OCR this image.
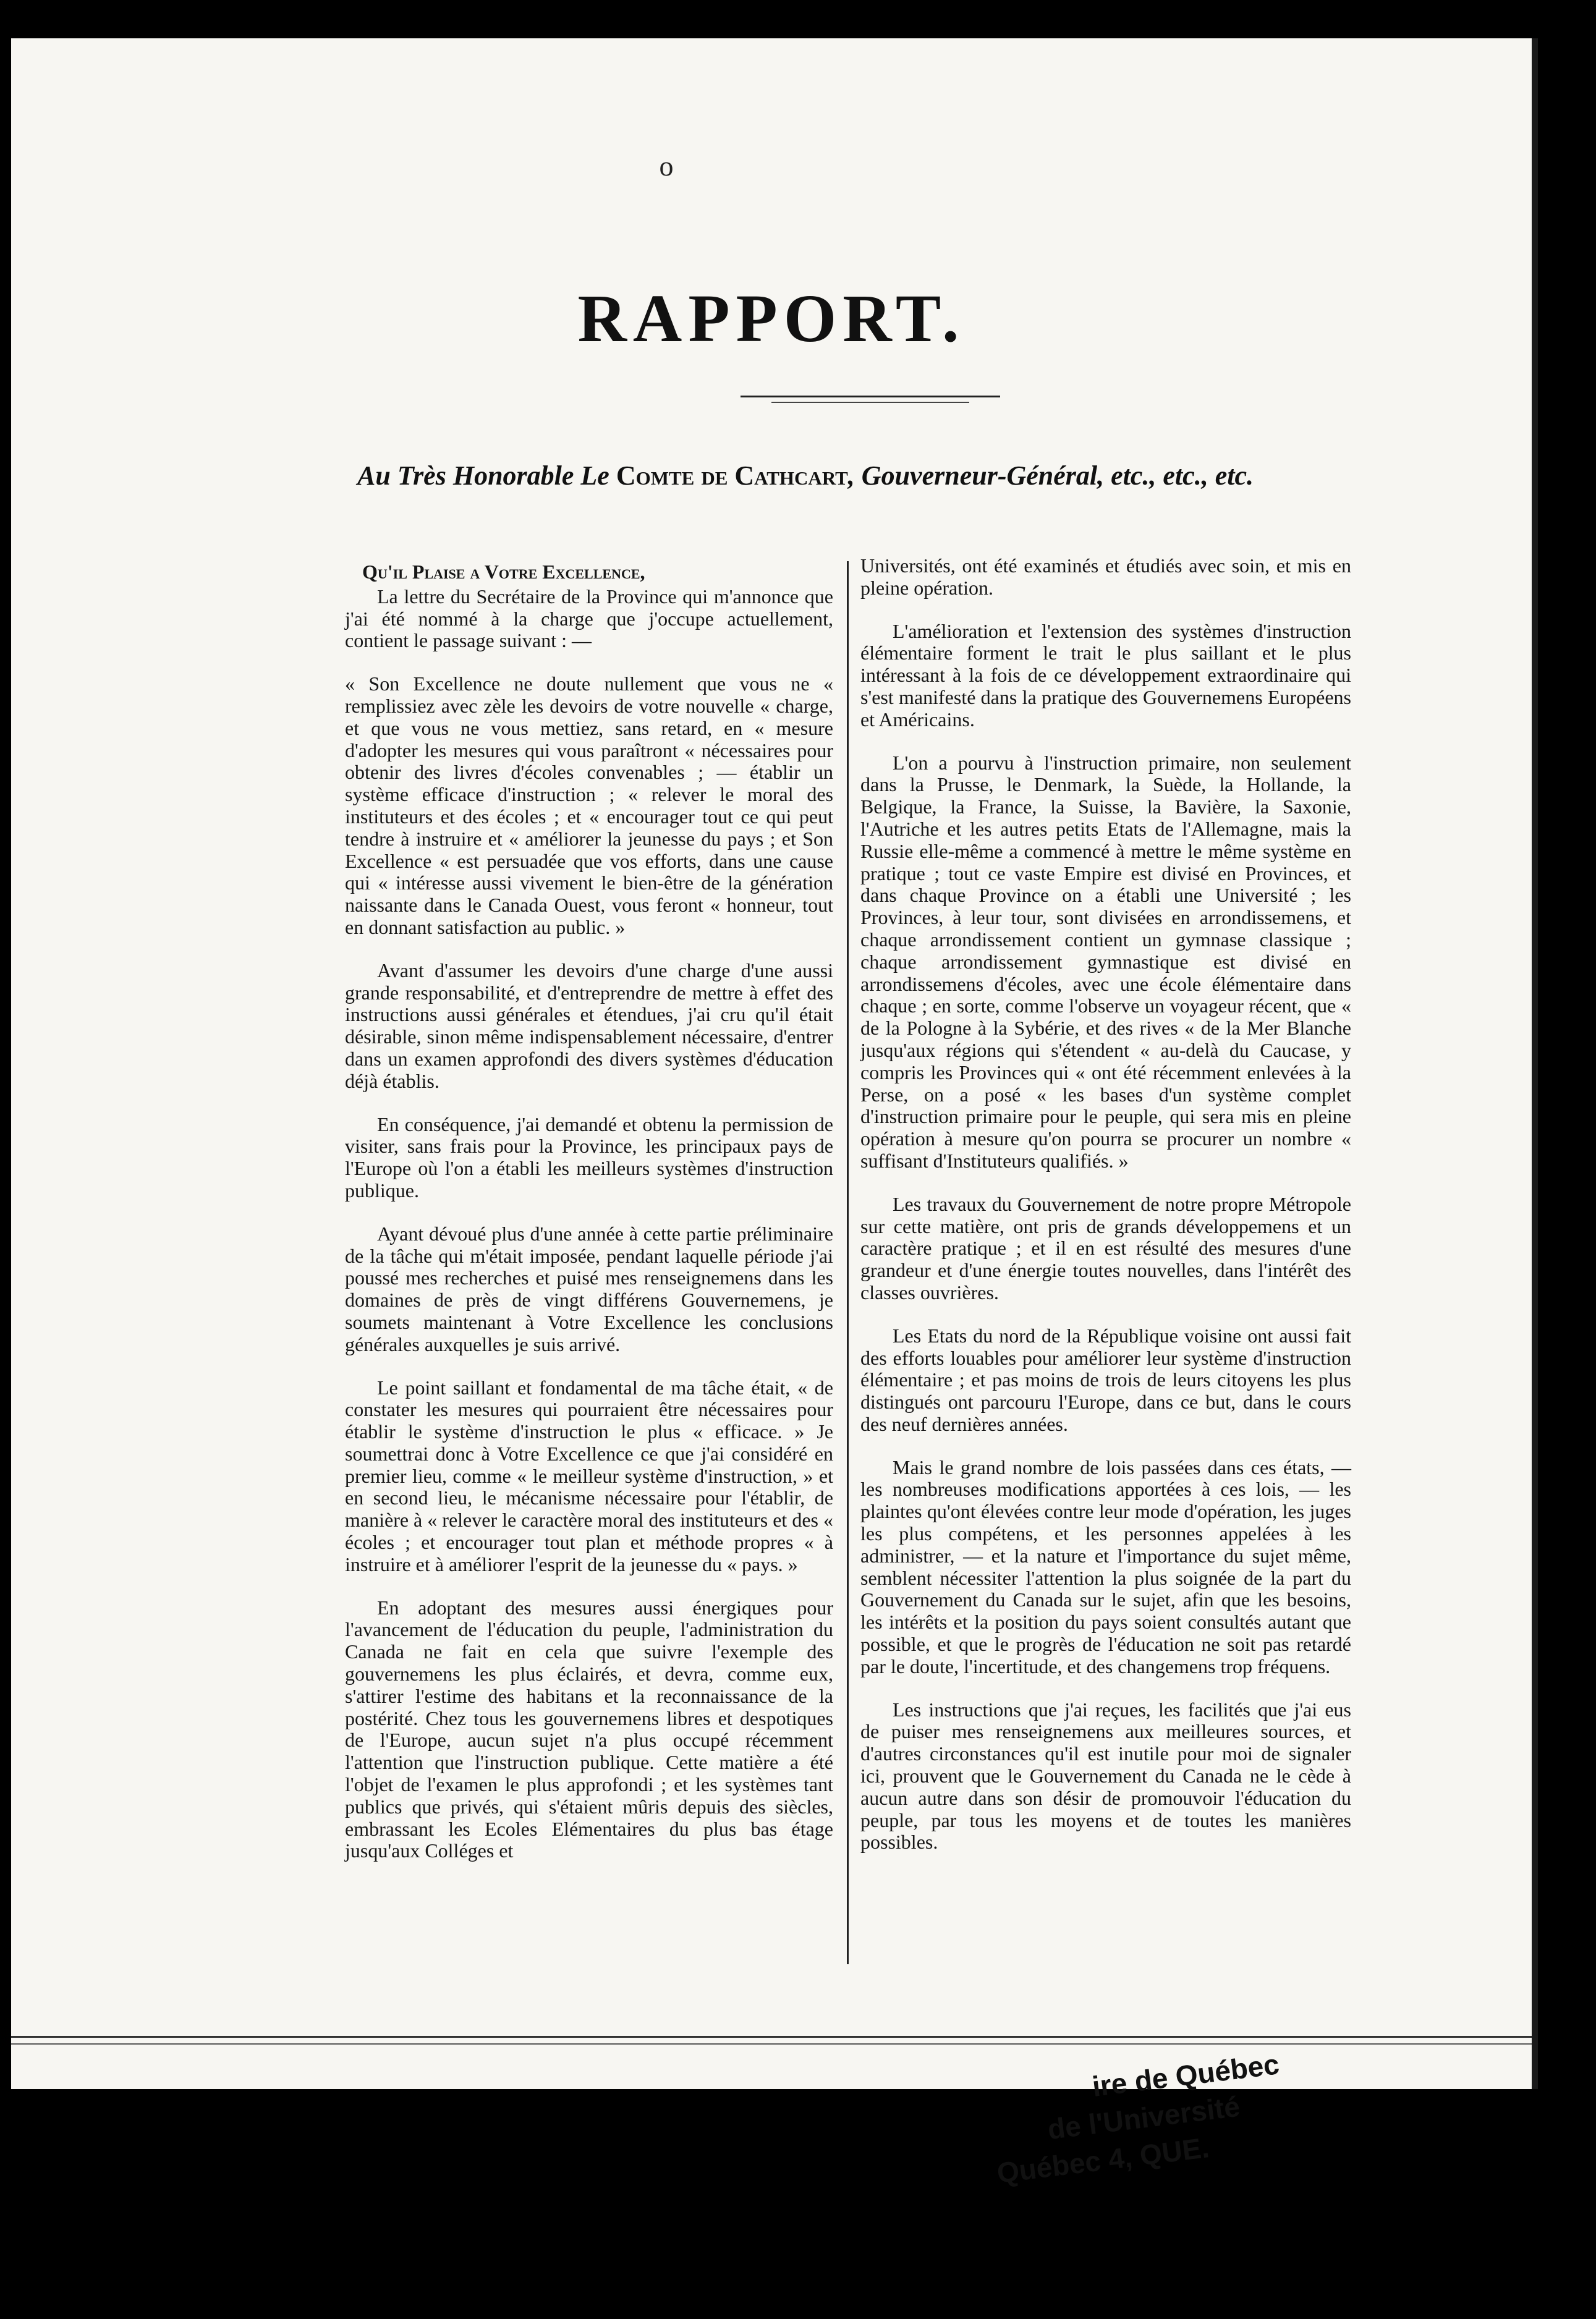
o
RAPPORT.
Au Très Honorable Le Comte de Cathcart, Gouverneur-Général, etc., etc., etc.

Qu'il Plaise a Votre Excellence,

La lettre du Secrétaire de la Province qui m'annonce que j'ai été nommé à la charge que j'occupe actuellement, contient le passage suivant : —

« Son Excellence ne doute nullement que vous ne « remplissiez avec zèle les devoirs de votre nouvelle « charge, et que vous ne vous mettiez, sans retard, en « mesure d'adopter les mesures qui vous paraîtront « nécessaires pour obtenir des livres d'écoles convenables ; — établir un système efficace d'instruction ; « relever le moral des instituteurs et des écoles ; et « encourager tout ce qui peut tendre à instruire et « améliorer la jeunesse du pays ; et Son Excellence « est persuadée que vos efforts, dans une cause qui « intéresse aussi vivement le bien-être de la génération naissante dans le Canada Ouest, vous feront « honneur, tout en donnant satisfaction au public. »

Avant d'assumer les devoirs d'une charge d'une aussi grande responsabilité, et d'entreprendre de mettre à effet des instructions aussi générales et étendues, j'ai cru qu'il était désirable, sinon même indispensablement nécessaire, d'entrer dans un examen approfondi des divers systèmes d'éducation déjà établis.

En conséquence, j'ai demandé et obtenu la permission de visiter, sans frais pour la Province, les principaux pays de l'Europe où l'on a établi les meilleurs systèmes d'instruction publique.

Ayant dévoué plus d'une année à cette partie préliminaire de la tâche qui m'était imposée, pendant laquelle période j'ai poussé mes recherches et puisé mes renseignemens dans les domaines de près de vingt différens Gouvernemens, je soumets maintenant à Votre Excellence les conclusions générales auxquelles je suis arrivé.

Le point saillant et fondamental de ma tâche était, « de constater les mesures qui pourraient être nécessaires pour établir le système d'instruction le plus « efficace. » Je soumettrai donc à Votre Excellence ce que j'ai considéré en premier lieu, comme « le meilleur système d'instruction, » et en second lieu, le mécanisme nécessaire pour l'établir, de manière à « relever le caractère moral des instituteurs et des « écoles ; et encourager tout plan et méthode propres « à instruire et à améliorer l'esprit de la jeunesse du « pays. »

En adoptant des mesures aussi énergiques pour l'avancement de l'éducation du peuple, l'administration du Canada ne fait en cela que suivre l'exemple des gouvernemens les plus éclairés, et devra, comme eux, s'attirer l'estime des habitans et la reconnaissance de la postérité. Chez tous les gouvernemens libres et despotiques de l'Europe, aucun sujet n'a plus occupé récemment l'attention que l'instruction publique. Cette matière a été l'objet de l'examen le plus approfondi ; et les systèmes tant publics que privés, qui s'étaient mûris depuis des siècles, embrassant les Ecoles Elémentaires du plus bas étage jusqu'aux Colléges et

Universités, ont été examinés et étudiés avec soin, et mis en pleine opération.

L'amélioration et l'extension des systèmes d'instruction élémentaire forment le trait le plus saillant et le plus intéressant à la fois de ce développement extraordinaire qui s'est manifesté dans la pratique des Gouvernemens Européens et Américains.

L'on a pourvu à l'instruction primaire, non seulement dans la Prusse, le Denmark, la Suède, la Hollande, la Belgique, la France, la Suisse, la Bavière, la Saxonie, l'Autriche et les autres petits Etats de l'Allemagne, mais la Russie elle-même a commencé à mettre le même système en pratique ; tout ce vaste Empire est divisé en Provinces, et dans chaque Province on a établi une Université ; les Provinces, à leur tour, sont divisées en arrondissemens, et chaque arrondissement contient un gymnase classique ; chaque arrondissement gymnastique est divisé en arrondissemens d'écoles, avec une école élémentaire dans chaque ; en sorte, comme l'observe un voyageur récent, que « de la Pologne à la Sybérie, et des rives « de la Mer Blanche jusqu'aux régions qui s'étendent « au-delà du Caucase, y compris les Provinces qui « ont été récemment enlevées à la Perse, on a posé « les bases d'un système complet d'instruction primaire pour le peuple, qui sera mis en pleine opération à mesure qu'on pourra se procurer un nombre « suffisant d'Instituteurs qualifiés. »

Les travaux du Gouvernement de notre propre Métropole sur cette matière, ont pris de grands développemens et un caractère pratique ; et il en est résulté des mesures d'une grandeur et d'une énergie toutes nouvelles, dans l'intérêt des classes ouvrières.

Les Etats du nord de la République voisine ont aussi fait des efforts louables pour améliorer leur système d'instruction élémentaire ; et pas moins de trois de leurs citoyens les plus distingués ont parcouru l'Europe, dans ce but, dans le cours des neuf dernières années.

Mais le grand nombre de lois passées dans ces états, — les nombreuses modifications apportées à ces lois, — les plaintes qu'ont élevées contre leur mode d'opération, les juges les plus compétens, et les personnes appelées à les administrer, — et la nature et l'importance du sujet même, semblent nécessiter l'attention la plus soignée de la part du Gouvernement du Canada sur le sujet, afin que les besoins, les intérêts et la position du pays soient consultés autant que possible, et que le progrès de l'éducation ne soit pas retardé par le doute, l'incertitude, et des changemens trop fréquens.

Les instructions que j'ai reçues, les facilités que j'ai eus de puiser mes renseignemens aux meilleures sources, et d'autres circonstances qu'il est inutile pour moi de signaler ici, prouvent que le Gouvernement du Canada ne le cède à aucun autre dans son désir de promouvoir l'éducation du peuple, par tous les moyens et de toutes les manières possibles.

ire de Québec
de l'Université
Québec 4, QUE.
